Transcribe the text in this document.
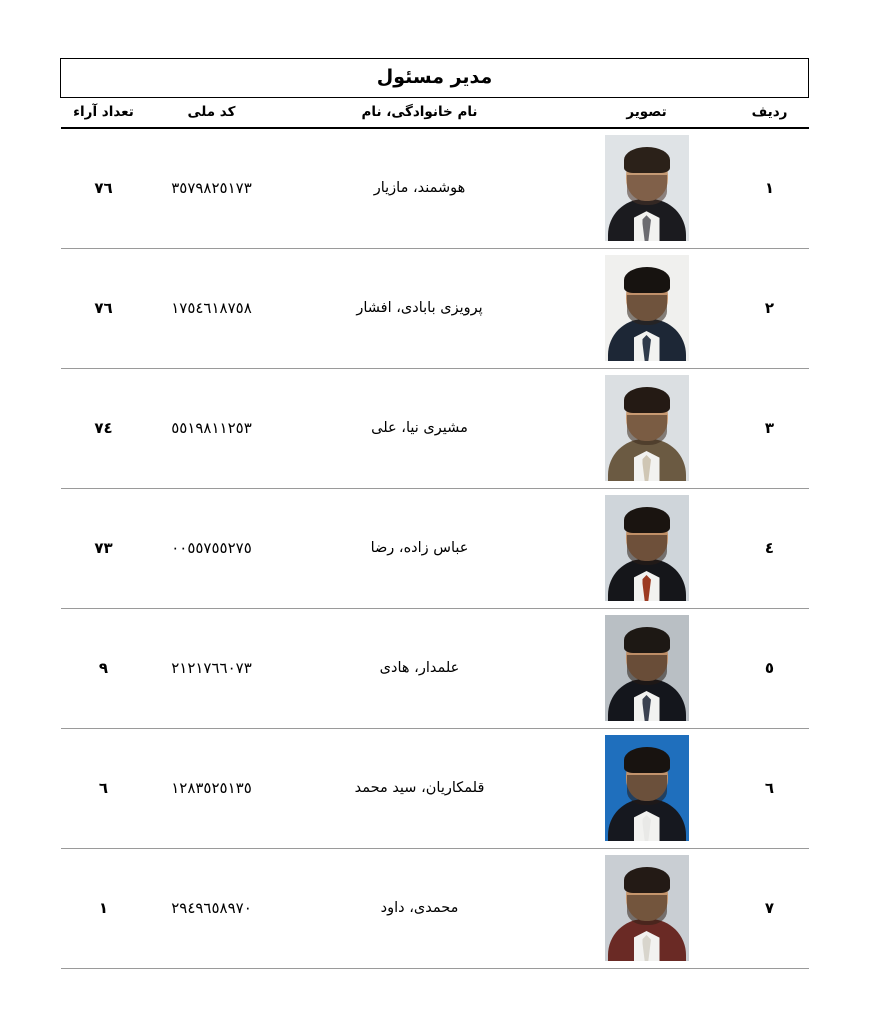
مدیر مسئول				
ردیف	تصویر	نام خانوادگی، نام	کد ملی	تعداد آراء
١		هوشمند، مازیار	٣٥٧٩٨٢٥١٧٣	٧٦
٢		پرویزی بابادی، افشار	١٧٥٤٦١٨٧٥٨	٧٦
٣		مشیری نیا، علی	٥٥١٩٨١١٢٥٣	٧٤
٤		عباس زاده، رضا	٠٠٥٥٧٥٥٢٧٥	٧٣
٥		علمدار، هادی	٢١٢١٧٦٦٠٧٣	٩
٦		قلمکاریان، سید محمد	١٢٨٣٥٢٥١٣٥	٦
٧		محمدی، داود	٢٩٤٩٦٥٨٩٧٠	١
